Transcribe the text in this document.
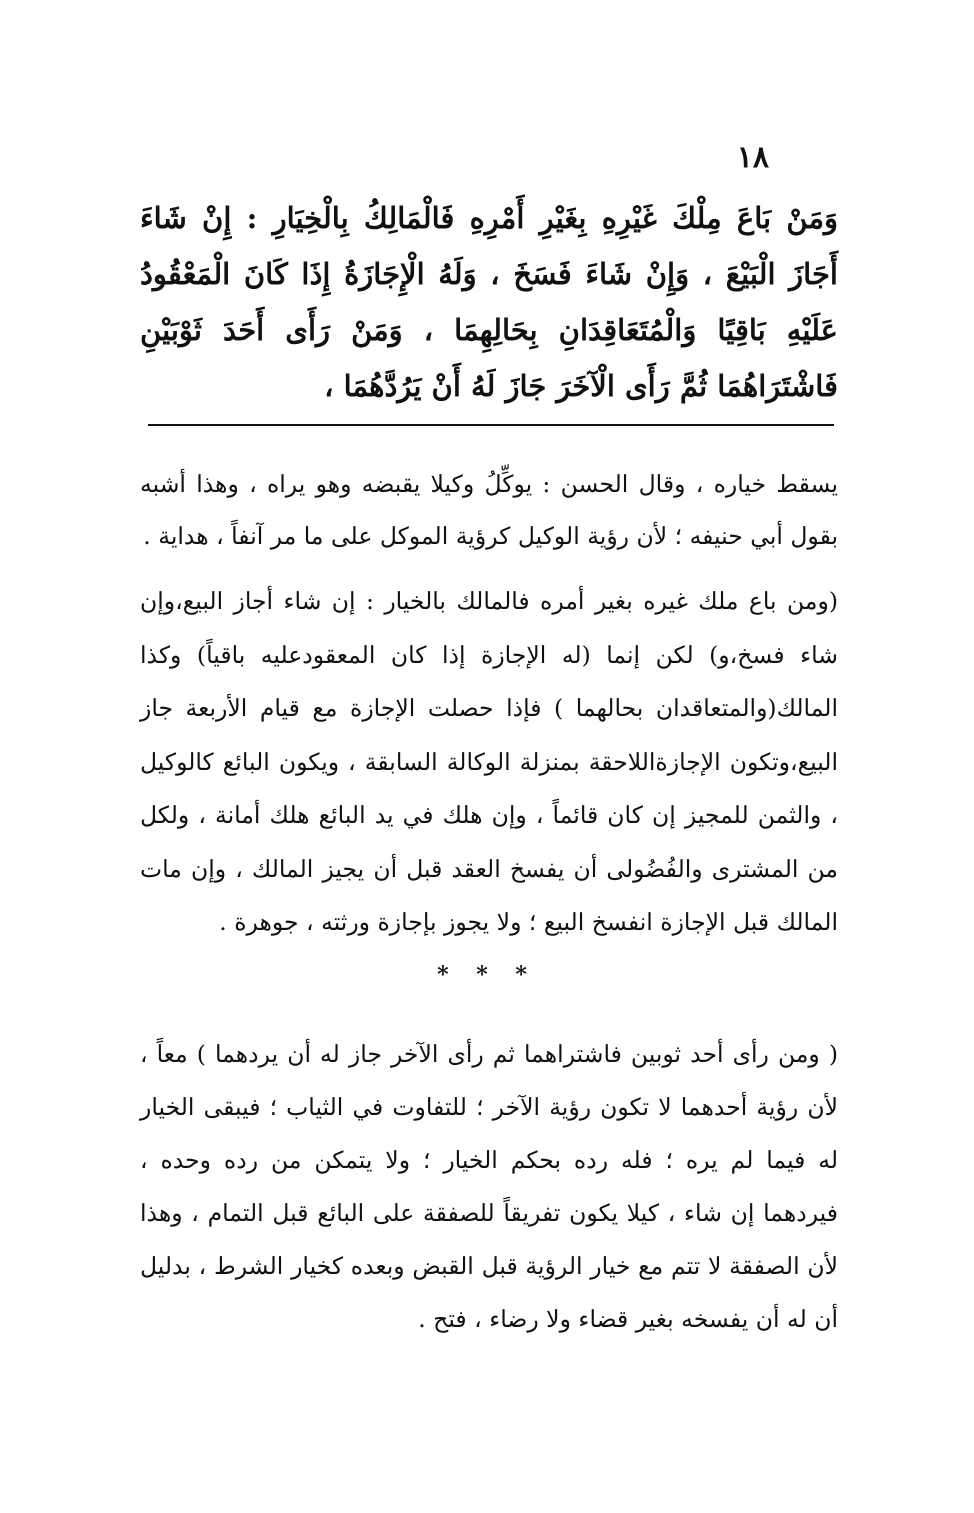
١٨

وَمَنْ بَاعَ مِلْكَ غَيْرِهِ بِغَيْرِ أَمْرِهِ فَالْمَالِكُ بِالْخِيَارِ : إِنْ شَاءَ أَجَازَ الْبَيْعَ ، وَإِنْ شَاءَ فَسَخَ ، وَلَهُ الْإِجَازَةُ إِذَا كَانَ الْمَعْقُودُ عَلَيْهِ بَاقِيًا وَالْمُتَعَاقِدَانِ بِحَالِهِمَا ، وَمَنْ رَأَى أَحَدَ ثَوْبَيْنِ فَاشْتَرَاهُمَا ثُمَّ رَأَى الْآخَرَ جَازَ لَهُ أَنْ يَرُدَّهُمَا ،

يسقط خياره ، وقال الحسن : يوكِّلُ وكيلا يقبضه وهو يراه ، وهذا أشبه بقول أبي حنيفه ؛ لأن رؤية الوكيل كرؤية الموكل على ما مر آنفاً ، هداية .

(ومن باع ملك غيره بغير أمره فالمالك بالخيار : إن شاء أجاز البيع،وإن شاء فسخ،و) لكن إنما (له الإجازة إذا كان المعقودعليه باقياً) وكذا المالك(والمتعاقدان بحالهما ) فإذا حصلت الإجازة مع قيام الأربعة جاز البيع،وتكون الإجازةاللاحقة بمنزلة الوكالة السابقة ، ويكون البائع كالوكيل ، والثمن للمجيز إن كان قائماً ، وإن هلك في يد البائع هلك أمانة ، ولكل من المشترى والفُضُولى أن يفسخ العقد قبل أن يجيز المالك ، وإن مات المالك قبل الإجازة انفسخ البيع ؛ ولا يجوز بإجازة ورثته ، جوهرة .

* * *

( ومن رأى أحد ثوبين فاشتراهما ثم رأى الآخر جاز له أن يردهما ) معاً ، لأن رؤية أحدهما لا تكون رؤية الآخر ؛ للتفاوت في الثياب ؛ فيبقى الخيار له فيما لم يره ؛ فله رده بحكم الخيار ؛ ولا يتمكن من رده وحده ، فيردهما إن شاء ، كيلا يكون تفريقاً للصفقة على البائع قبل التمام ، وهذا لأن الصفقة لا تتم مع خيار الرؤية قبل القبض وبعده كخيار الشرط ، بدليل أن له أن يفسخه بغير قضاء ولا رضاء ، فتح .
